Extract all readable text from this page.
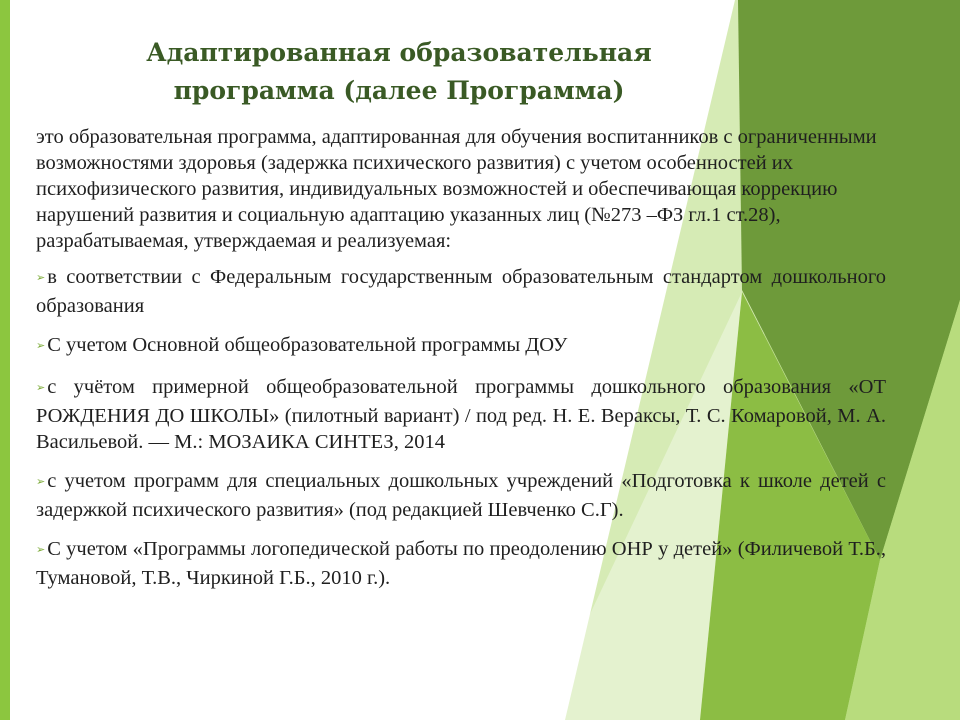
Адаптированная образовательная
программа (далее Программа)

это образовательная программа, адаптированная для обучения воспитанников с ограниченными возможностями здоровья (задержка психического развития) с учетом особенностей их психофизического развития, индивидуальных возможностей и обеспечивающая коррекцию нарушений развития и социальную адаптацию указанных лиц (№273 –ФЗ гл.1 ст.28), разрабатываемая, утверждаемая и реализуемая:

➢в соответствии с Федеральным государственным образовательным стандартом дошкольного образования
➢С учетом Основной общеобразовательной программы ДОУ
➢с учётом примерной общеобразовательной программы дошкольного образования «ОТ РОЖДЕНИЯ ДО ШКОЛЫ» (пилотный вариант) / под ред. Н. Е. Вераксы, Т. С. Комаровой, М. А. Васильевой. — М.: МОЗАИКА СИНТЕЗ, 2014
➢с учетом программ для специальных дошкольных учреждений «Подготовка к школе детей с задержкой психического развития» (под редакцией Шевченко С.Г).
➢С учетом «Программы логопедической работы по преодолению ОНР у детей» (Филичевой Т.Б., Тумановой, Т.В., Чиркиной Г.Б., 2010 г.).
